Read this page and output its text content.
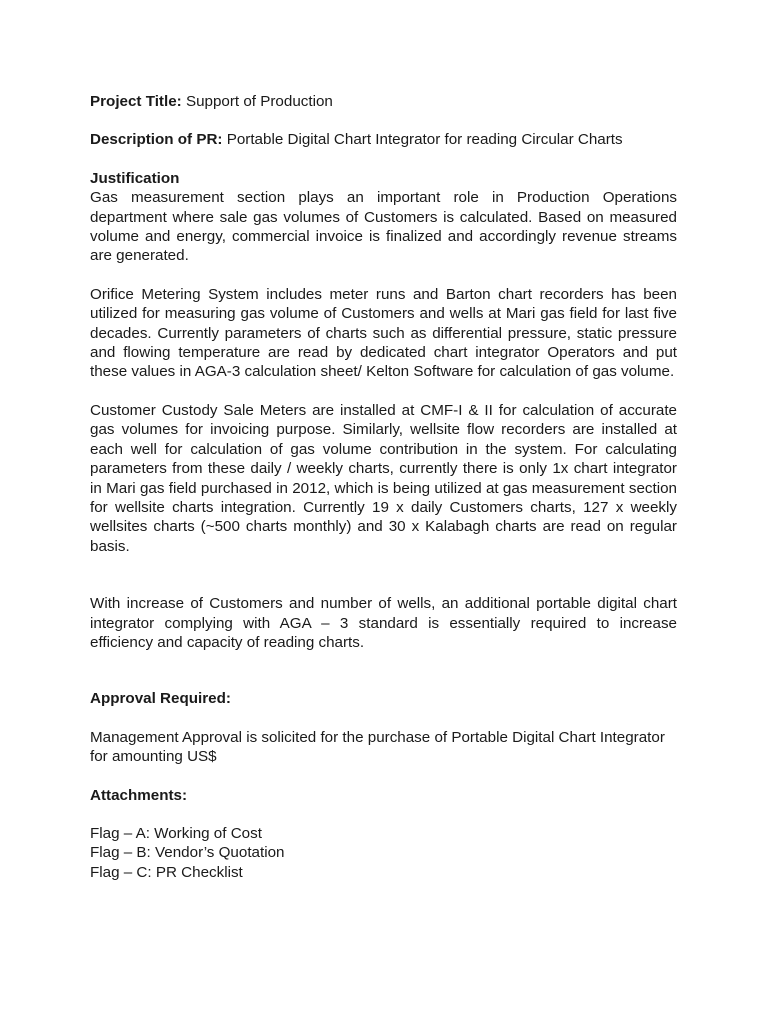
Project Title: Support of Production

Description of PR: Portable Digital Chart Integrator for reading Circular Charts

Justification

Gas measurement section plays an important role in Production Operations department where sale gas volumes of Customers is calculated. Based on measured volume and energy, commercial invoice is finalized and accordingly revenue streams are generated.

Orifice Metering System includes meter runs and Barton chart recorders has been utilized for measuring gas volume of Customers and wells at Mari gas field for last five decades. Currently parameters of charts such as differential pressure, static pressure and flowing temperature are read by dedicated chart integrator Operators and put these values in AGA-3 calculation sheet/ Kelton Software for calculation of gas volume.

Customer Custody Sale Meters are installed at CMF-I & II for calculation of accurate gas volumes for invoicing purpose. Similarly, wellsite flow recorders are installed at each well for calculation of gas volume contribution in the system. For calculating parameters from these daily / weekly charts, currently there is only 1x chart integrator in Mari gas field purchased in 2012, which is being utilized at gas measurement section for wellsite charts integration. Currently 19 x daily Customers charts, 127 x weekly wellsites charts (~500 charts monthly) and 30 x Kalabagh charts are read on regular basis.

With increase of Customers and number of wells, an additional portable digital chart integrator complying with AGA – 3 standard is essentially required to increase efficiency and capacity of reading charts.

Approval Required:

Management Approval is solicited for the purchase of Portable Digital Chart Integrator for amounting US$

Attachments:

Flag – A: Working of Cost

Flag – B: Vendor’s Quotation

Flag – C: PR Checklist
